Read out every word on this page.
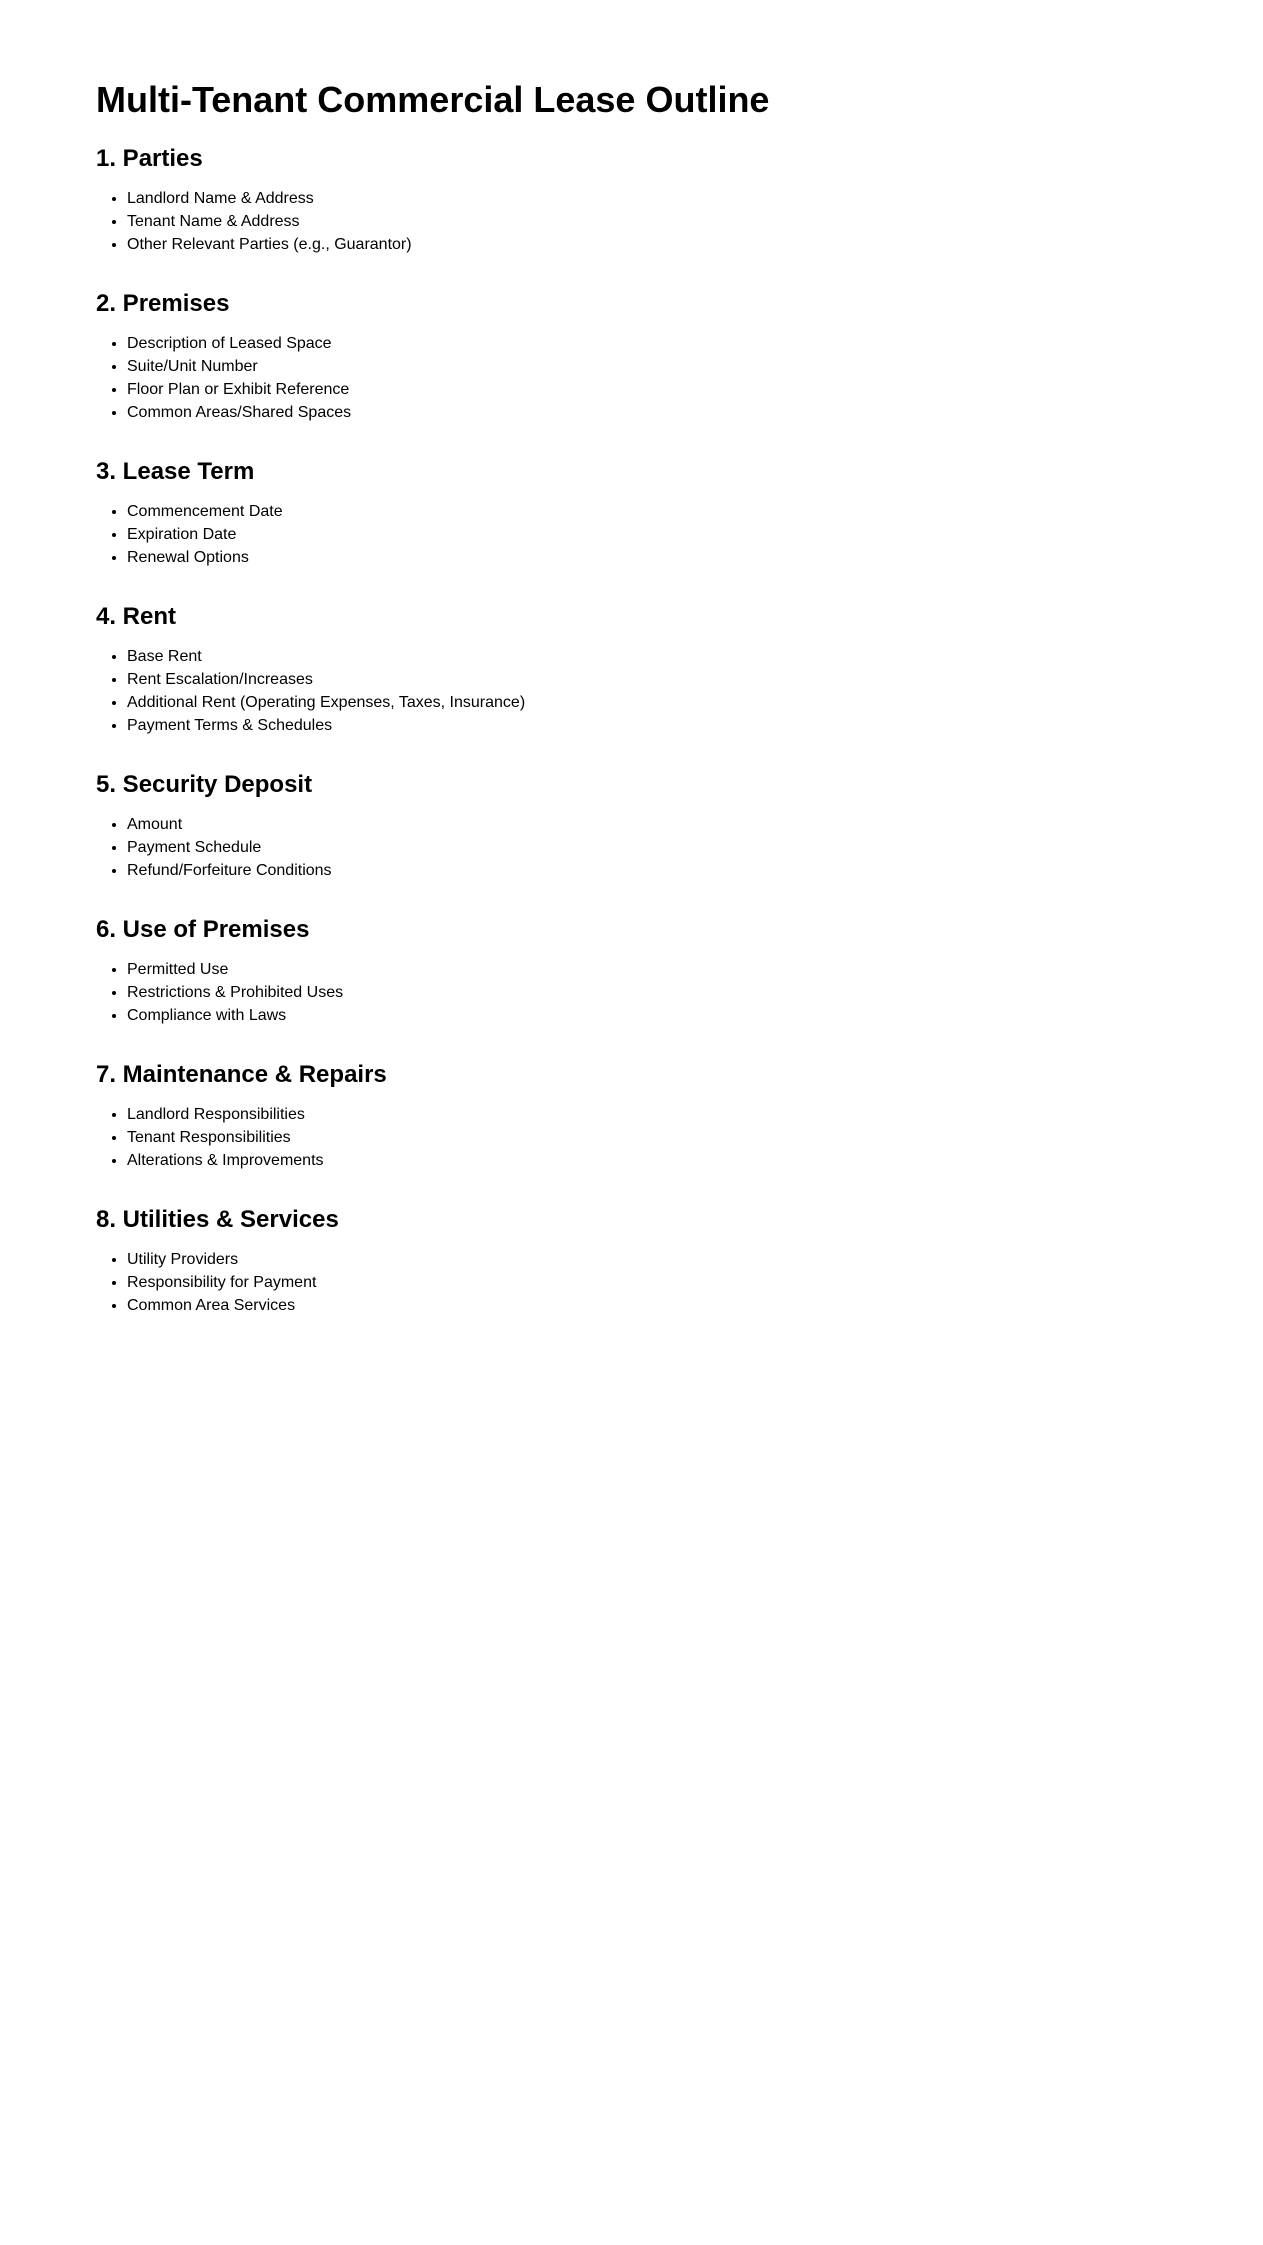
Multi-Tenant Commercial Lease Outline
1. Parties
• Landlord Name & Address
• Tenant Name & Address
• Other Relevant Parties (e.g., Guarantor)
2. Premises
• Description of Leased Space
• Suite/Unit Number
• Floor Plan or Exhibit Reference
• Common Areas/Shared Spaces
3. Lease Term
• Commencement Date
• Expiration Date
• Renewal Options
4. Rent
• Base Rent
• Rent Escalation/Increases
• Additional Rent (Operating Expenses, Taxes, Insurance)
• Payment Terms & Schedules
5. Security Deposit
• Amount
• Payment Schedule
• Refund/Forfeiture Conditions
6. Use of Premises
• Permitted Use
• Restrictions & Prohibited Uses
• Compliance with Laws
7. Maintenance & Repairs
• Landlord Responsibilities
• Tenant Responsibilities
• Alterations & Improvements
8. Utilities & Services
• Utility Providers
• Responsibility for Payment
• Common Area Services
